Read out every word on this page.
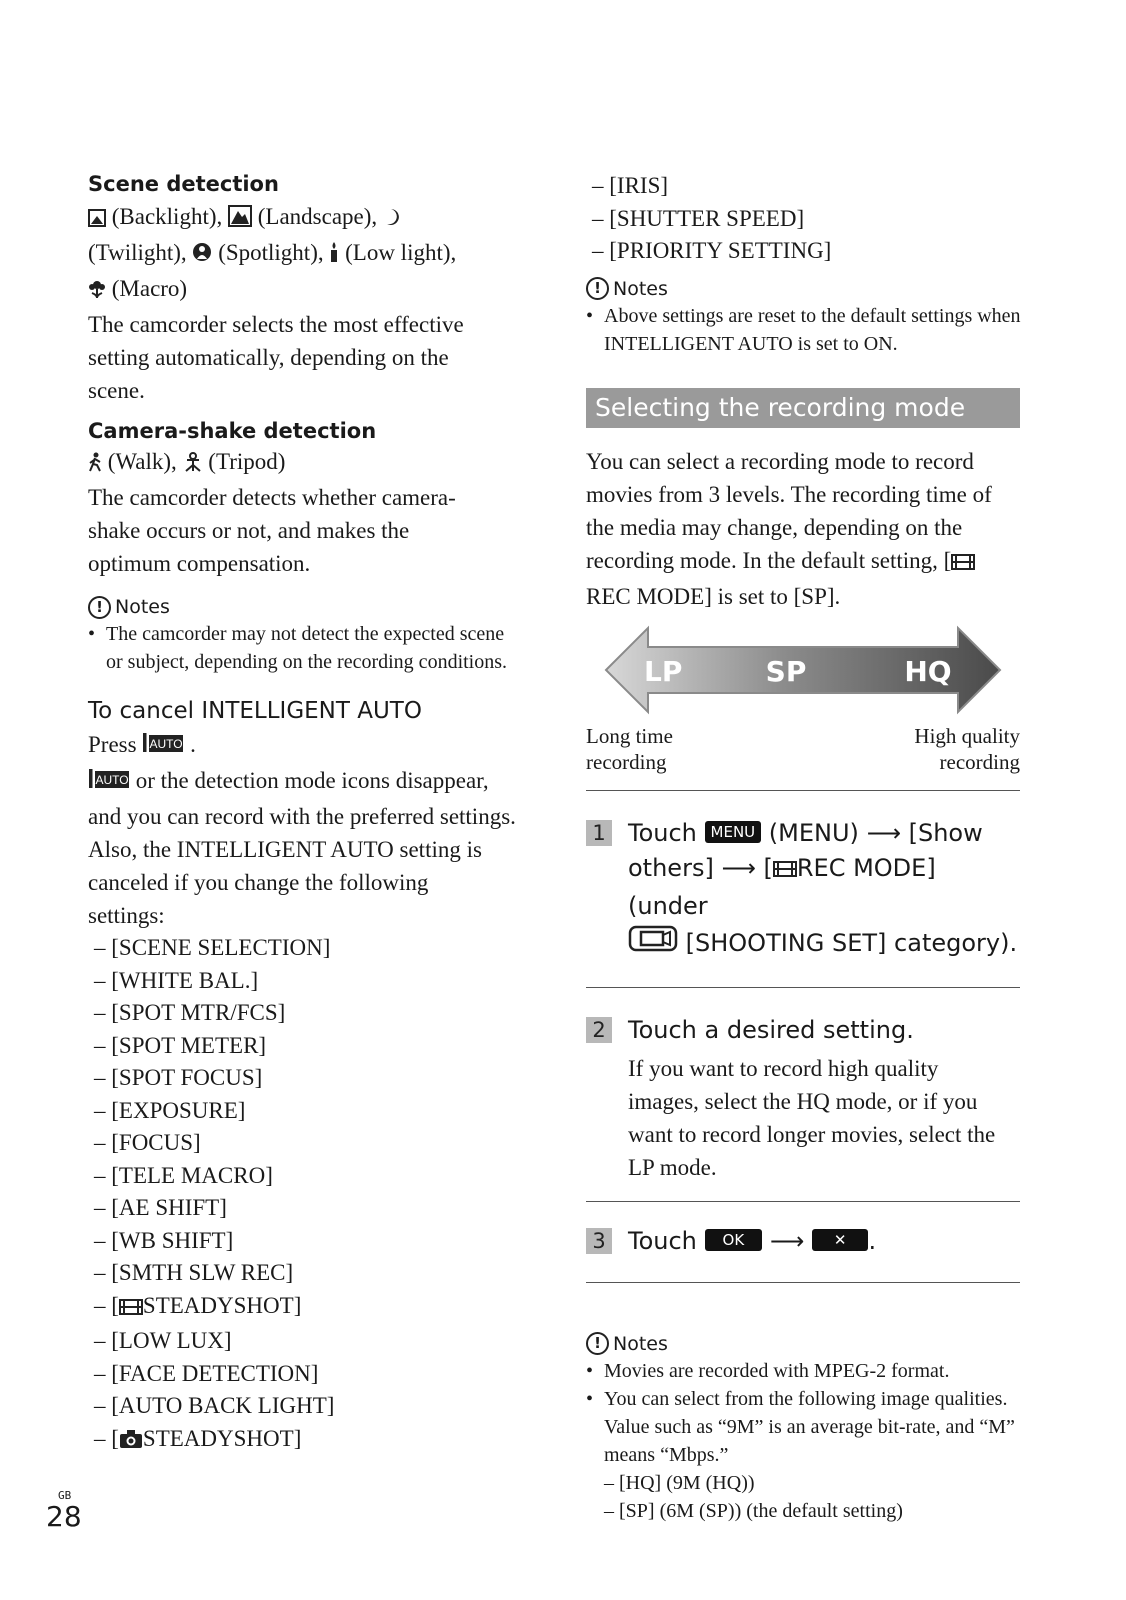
Scene detection

(Backlight), (Landscape),
(Twilight), (Spotlight), (Low light),
(Macro)
The camcorder selects the most effective setting automatically, depending on the scene.

Camera-shake detection

(Walk), (Tripod)
The camcorder detects whether camera-shake occurs or not, and makes the optimum compensation.
! Notes
• The camcorder may not detect the expected scene or subject, depending on the recording conditions.
To cancel INTELLIGENT AUTO
Press AUTO .
AUTO or the detection mode icons disappear, and you can record with the preferred settings.
Also, the INTELLIGENT AUTO setting is canceled if you change the following settings:
– [SCENE SELECTION]
– [WHITE BAL.]
– [SPOT MTR/FCS]
– [SPOT METER]
– [SPOT FOCUS]
– [EXPOSURE]
– [FOCUS]
– [TELE MACRO]
– [AE SHIFT]
– [WB SHIFT]
– [SMTH SLW REC]
– [ STEADYSHOT]
– [LOW LUX]
– [FACE DETECTION]
– [AUTO BACK LIGHT]
– [ STEADYSHOT]
– [IRIS]
– [SHUTTER SPEED]
– [PRIORITY SETTING]
! Notes
• Above settings are reset to the default settings when INTELLIGENT AUTO is set to ON.
Selecting the recording mode
You can select a recording mode to record movies from 3 levels. The recording time of the media may change, depending on the recording mode. In the default setting, [REC MODE] is set to [SP].
LP	SP	HQ
Long time
recording
High quality
recording
1 Touch MENU (MENU) ⟶ [Show others] ⟶ [ REC MODE] (under
[SHOOTING SET] category).
2 Touch a desired setting.
If you want to record high quality images, select the HQ mode, or if you want to record longer movies, select the LP mode.
3 Touch OK ⟶ ✕ .
! Notes
• Movies are recorded with MPEG-2 format.
• You can select from the following image qualities. Value such as “9M” is an average bit-rate, and “M” means “Mbps.”
– [HQ] (9M (HQ))
– [SP] (6M (SP)) (the default setting)
GB
28
